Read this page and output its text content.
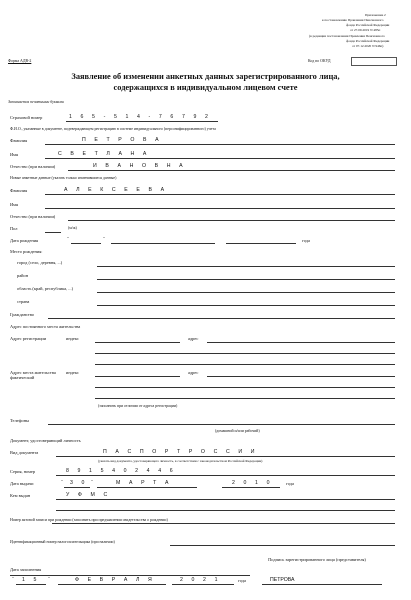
Приложение 2
к постановлению Правления Пенсионного
фонда Российской Федерации
от 27.09.2019 N 485п
(в редакции постановления Правления Пенсионного
фонда Российской Федерации
от 07.12.2020 N 946п)
Форма АДВ-2	Код по ОКУД
Заявление об изменении анкетных данных зарегистрированного лица,
содержащихся в индивидуальном лицевом счете
Заполняется печатными буквами
Страховой номер	1 6 5 - 5 1 4 - 7 6 7 9 2
Ф.И.О., указанные в документе, подтверждающем регистрацию в системе индивидуального (персонифицированного) учета
Фамилия	П Е Т Р О В А
Имя	С В Е Т Л А Н А
Отчество (при наличии)	И В А Н О В Н А
Новые анкетные данные (указать только изменившиеся данные)
Фамилия	А Л Е К С Е Е В А
Имя
Отчество (при наличии)
Пол	(м/ж)
Дата рождения	"	"	года
Место рождения:
город (село, деревня, ...)
район
область (край, республика, ...)
страна
Гражданство
Адрес постоянного места жительства
Адрес регистрации	индекс	адрес
Адрес места жительства фактический
индекс	адрес
(заполнить при отличии от адреса регистрации)
Телефоны
(домашний и/или рабочий)
Документ, удостоверяющий личность
Вид документа	П А С П О Р Т Р О С С И И
(указать вид документа, удостоверяющего личность, в соответствии с законодательством Российской Федерации)
Серия, номер	8 9 1 5 4 0 2 4 4 6
Дата выдачи	" 3 0 "	М А Р Т А	2 0 1 0	года
Кем выдан	У Ф М С
Номер актовой записи при рождении (заполнить при предъявлении свидетельства о рождении)
Идентификационный номер налогоплательщика (при наличии)
Подпись зарегистрированного лица (представителя)
Дата заполнения
" 1 5 "	Ф Е В Р А Л Я	2 0 2 1	года	ПЕТРОВА
